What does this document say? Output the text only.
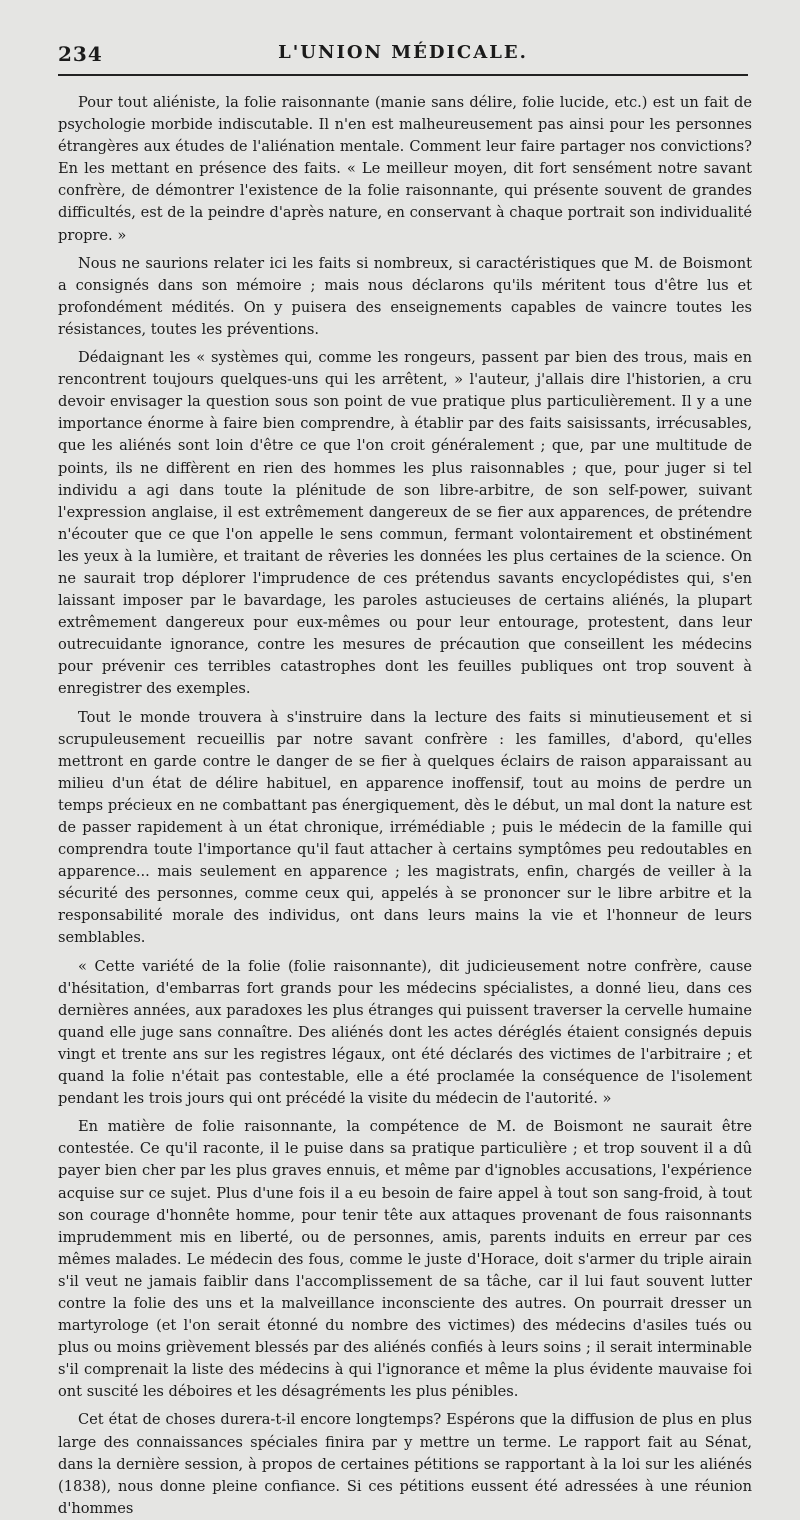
234	L'UNION MÉDICALE.

Pour tout aliéniste, la folie raisonnante (manie sans délire, folie lucide, etc.) est un fait de psychologie morbide indiscutable. Il n'en est malheureusement pas ainsi pour les personnes étrangères aux études de l'aliénation mentale. Comment leur faire partager nos convictions? En les mettant en présence des faits. « Le meilleur moyen, dit fort sensément notre savant confrère, de démontrer l'existence de la folie raisonnante, qui présente souvent de grandes difficultés, est de la peindre d'après nature, en conservant à chaque portrait son individualité propre. »

Nous ne saurions relater ici les faits si nombreux, si caractéristiques que M. de Boismont a consignés dans son mémoire ; mais nous déclarons qu'ils méritent tous d'être lus et profondément médités. On y puisera des enseignements capables de vaincre toutes les résistances, toutes les préventions.

Dédaignant les « systèmes qui, comme les rongeurs, passent par bien des trous, mais en rencontrent toujours quelques-uns qui les arrêtent, » l'auteur, j'allais dire l'historien, a cru devoir envisager la question sous son point de vue pratique plus particulièrement. Il y a une importance énorme à faire bien comprendre, à établir par des faits saisissants, irrécusables, que les aliénés sont loin d'être ce que l'on croit généralement ; que, par une multitude de points, ils ne diffèrent en rien des hommes les plus raisonnables ; que, pour juger si tel individu a agi dans toute la plénitude de son libre-arbitre, de son self-power, suivant l'expression anglaise, il est extrêmement dangereux de se fier aux apparences, de prétendre n'écouter que ce que l'on appelle le sens commun, fermant volontairement et obstinément les yeux à la lumière, et traitant de rêveries les données les plus certaines de la science. On ne saurait trop déplorer l'imprudence de ces prétendus savants encyclopédistes qui, s'en laissant imposer par le bavardage, les paroles astucieuses de certains aliénés, la plupart extrêmement dangereux pour eux-mêmes ou pour leur entourage, protestent, dans leur outrecuidante ignorance, contre les mesures de précaution que conseillent les médecins pour prévenir ces terribles catastrophes dont les feuilles publiques ont trop souvent à enregistrer des exemples.

Tout le monde trouvera à s'instruire dans la lecture des faits si minutieusement et si scrupuleusement recueillis par notre savant confrère : les familles, d'abord, qu'elles mettront en garde contre le danger de se fier à quelques éclairs de raison apparaissant au milieu d'un état de délire habituel, en apparence inoffensif, tout au moins de perdre un temps précieux en ne combattant pas énergiquement, dès le début, un mal dont la nature est de passer rapidement à un état chronique, irrémédiable ; puis le médecin de la famille qui comprendra toute l'importance qu'il faut attacher à certains symptômes peu redoutables en apparence... mais seulement en apparence ; les magistrats, enfin, chargés de veiller à la sécurité des personnes, comme ceux qui, appelés à se prononcer sur le libre arbitre et la responsabilité morale des individus, ont dans leurs mains la vie et l'honneur de leurs semblables.

« Cette variété de la folie (folie raisonnante), dit judicieusement notre confrère, cause d'hésitation, d'embarras fort grands pour les médecins spécialistes, a donné lieu, dans ces dernières années, aux paradoxes les plus étranges qui puissent traverser la cervelle humaine quand elle juge sans connaître. Des aliénés dont les actes déréglés étaient consignés depuis vingt et trente ans sur les registres légaux, ont été déclarés des victimes de l'arbitraire ; et quand la folie n'était pas contestable, elle a été proclamée la conséquence de l'isolement pendant les trois jours qui ont précédé la visite du médecin de l'autorité. »

En matière de folie raisonnante, la compétence de M. de Boismont ne saurait être contestée. Ce qu'il raconte, il le puise dans sa pratique particulière ; et trop souvent il a dû payer bien cher par les plus graves ennuis, et même par d'ignobles accusations, l'expérience acquise sur ce sujet. Plus d'une fois il a eu besoin de faire appel à tout son sang-froid, à tout son courage d'honnête homme, pour tenir tête aux attaques provenant de fous raisonnants imprudemment mis en liberté, ou de personnes, amis, parents induits en erreur par ces mêmes malades. Le médecin des fous, comme le juste d'Horace, doit s'armer du triple airain s'il veut ne jamais faiblir dans l'accomplissement de sa tâche, car il lui faut souvent lutter contre la folie des uns et la malveillance inconsciente des autres. On pourrait dresser un martyrologe (et l'on serait étonné du nombre des victimes) des médecins d'asiles tués ou plus ou moins grièvement blessés par des aliénés confiés à leurs soins ; il serait interminable s'il comprenait la liste des médecins à qui l'ignorance et même la plus évidente mauvaise foi ont suscité les déboires et les désagréments les plus pénibles.

Cet état de choses durera-t-il encore longtemps? Espérons que la diffusion de plus en plus large des connaissances spéciales finira par y mettre un terme. Le rapport fait au Sénat, dans la dernière session, à propos de certaines pétitions se rapportant à la loi sur les aliénés (1838), nous donne pleine confiance. Si ces pétitions eussent été adressées à une réunion d'hommes
